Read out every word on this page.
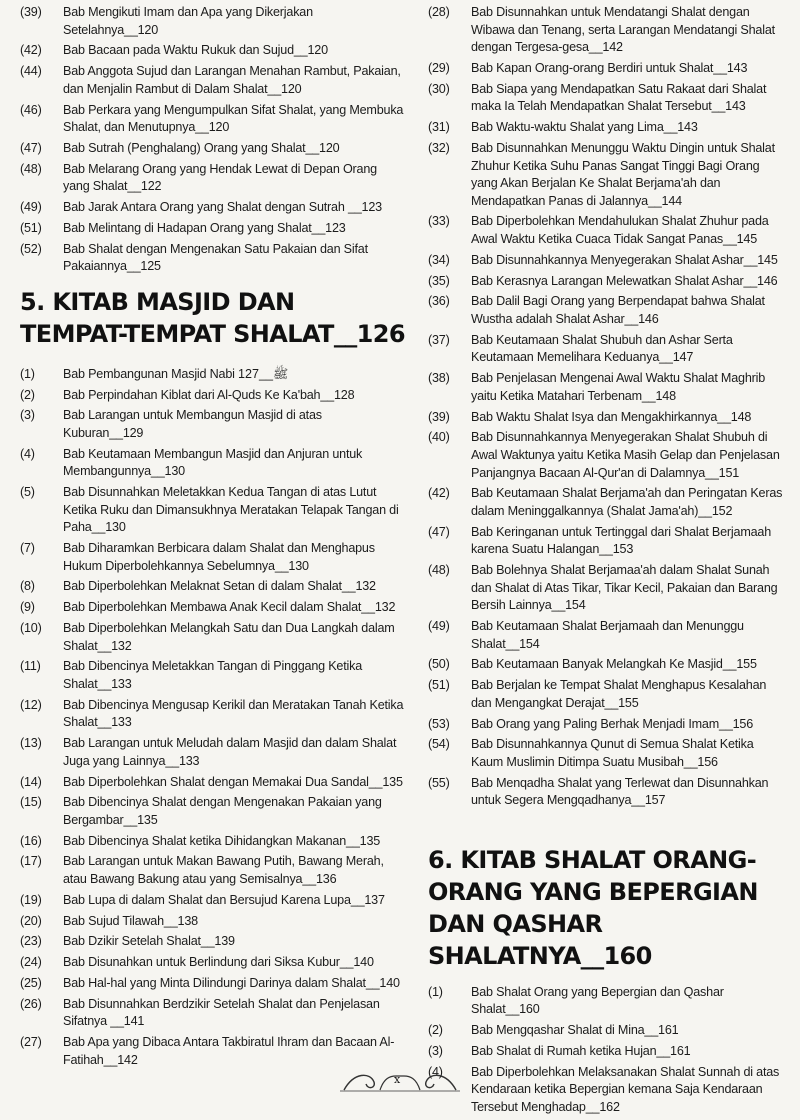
(39)	Bab Mengikuti Imam dan Apa yang Dikerjakan Setelahnya__120
(42)	Bab Bacaan pada Waktu Rukuk dan Sujud__120
(44)	Bab Anggota Sujud dan Larangan Menahan Rambut, Pakaian, dan Menjalin Rambut di Dalam Shalat__120
(46)	Bab Perkara yang Mengumpulkan Sifat Shalat, yang Membuka Shalat, dan Menutupnya__120
(47)	Bab Sutrah (Penghalang) Orang yang Shalat__120
(48)	Bab Melarang Orang yang Hendak Lewat di Depan Orang yang Shalat__122
(49)	Bab Jarak Antara Orang yang Shalat dengan Sutrah __123
(51)	Bab Melintang di Hadapan Orang yang Shalat__123
(52)	Bab Shalat dengan Mengenakan Satu Pakaian dan Sifat Pakaiannya__125
5. KITAB MASJID DAN TEMPAT-TEMPAT SHALAT__126
(1)	Bab Pembangunan Masjid Nabi ﷺ__127
(2)	Bab Perpindahan Kiblat dari Al-Quds Ke Ka'bah__128
(3)	Bab Larangan untuk Membangun Masjid di atas Kuburan__129
(4)	Bab Keutamaan Membangun Masjid dan Anjuran untuk Membangunnya__130
(5)	Bab Disunnahkan Meletakkan Kedua Tangan di atas Lutut Ketika Ruku dan Dimansukhnya Meratakan Telapak Tangan di Paha__130
(7)	Bab Diharamkan Berbicara dalam Shalat dan Menghapus Hukum Diperbolehkannya Sebelumnya__130
(8)	Bab Diperbolehkan Melaknat Setan di dalam Shalat__132
(9)	Bab Diperbolehkan Membawa Anak Kecil dalam Shalat__132
(10)	Bab Diperbolehkan Melangkah Satu dan Dua Langkah dalam Shalat__132
(11)	Bab Dibencinya Meletakkan Tangan di Pinggang Ketika Shalat__133
(12)	Bab Dibencinya Mengusap Kerikil dan Meratakan Tanah Ketika Shalat__133
(13)	Bab Larangan untuk Meludah dalam Masjid dan dalam Shalat Juga yang Lainnya__133
(14)	Bab Diperbolehkan Shalat dengan Memakai Dua Sandal__135
(15)	Bab Dibencinya Shalat dengan Mengenakan Pakaian yang Bergambar__135
(16)	Bab Dibencinya Shalat ketika Dihidangkan Makanan__135
(17)	Bab Larangan untuk Makan Bawang Putih, Bawang Merah, atau Bawang Bakung atau yang Semisalnya__136
(19)	Bab Lupa di dalam Shalat dan Bersujud Karena Lupa__137
(20)	Bab Sujud Tilawah__138
(23)	Bab Dzikir Setelah Shalat__139
(24)	Bab Disunahkan untuk Berlindung dari Siksa Kubur__140
(25)	Bab Hal-hal yang Minta Dilindungi Darinya dalam Shalat__140
(26)	Bab Disunnahkan Berdzikir Setelah Shalat dan Penjelasan Sifatnya __141
(27)	Bab Apa yang Dibaca Antara Takbiratul Ihram dan Bacaan Al-Fatihah__142
(28)	Bab Disunnahkan untuk Mendatangi Shalat dengan Wibawa dan Tenang, serta Larangan Mendatangi Shalat dengan Tergesa-gesa__142
(29)	Bab Kapan Orang-orang Berdiri untuk Shalat__143
(30)	Bab Siapa yang Mendapatkan Satu Rakaat dari Shalat maka Ia Telah Mendapatkan Shalat Tersebut__143
(31)	Bab Waktu-waktu Shalat yang Lima__143
(32)	Bab Disunnahkan Menunggu Waktu Dingin untuk Shalat Zhuhur Ketika Suhu Panas Sangat Tinggi Bagi Orang yang Akan Berjalan Ke Shalat Berjama'ah dan Mendapatkan Panas di Jalannya__144
(33)	Bab Diperbolehkan Mendahulukan Shalat Zhuhur pada Awal Waktu Ketika Cuaca Tidak Sangat Panas__145
(34)	Bab Disunnahkannya Menyegerakan Shalat Ashar__145
(35)	Bab Kerasnya Larangan Melewatkan Shalat Ashar__146
(36)	Bab Dalil Bagi Orang yang Berpendapat bahwa Shalat Wustha adalah Shalat Ashar__146
(37)	Bab Keutamaan Shalat Shubuh dan Ashar Serta Keutamaan Memelihara Keduanya__147
(38)	Bab Penjelasan Mengenai Awal Waktu Shalat Maghrib yaitu Ketika Matahari Terbenam__148
(39)	Bab Waktu Shalat Isya dan Mengakhirkannya__148
(40)	Bab Disunnahkannya Menyegerakan Shalat Shubuh di Awal Waktunya yaitu Ketika Masih Gelap dan Penjelasan Panjangnya Bacaan Al-Qur'an di Dalamnya__151
(42)	Bab Keutamaan Shalat Berjama'ah dan Peringatan Keras dalam Meninggalkannya (Shalat Jama'ah)__152
(47)	Bab Keringanan untuk Tertinggal dari Shalat Berjamaah karena Suatu Halangan__153
(48)	Bab Bolehnya Shalat Berjamaa'ah dalam Shalat Sunah dan Shalat di Atas Tikar, Tikar Kecil, Pakaian dan Barang Bersih Lainnya__154
(49)	Bab Keutamaan Shalat Berjamaah dan Menunggu Shalat__154
(50)	Bab Keutamaan Banyak Melangkah Ke Masjid__155
(51)	Bab Berjalan ke Tempat Shalat Menghapus Kesalahan dan Mengangkat Derajat__155
(53)	Bab Orang yang Paling Berhak Menjadi Imam__156
(54)	Bab Disunnahkannya Qunut di Semua Shalat Ketika Kaum Muslimin Ditimpa Suatu Musibah__156
(55)	Bab Menqadha Shalat yang Terlewat dan Disunnahkan untuk Segera Mengqadhanya__157
6. KITAB SHALAT ORANG-ORANG YANG BEPERGIAN DAN QASHAR SHALATNYA__160
(1)	Bab Shalat Orang yang Bepergian dan Qashar Shalat__160
(2)	Bab Mengqashar Shalat di Mina__161
(3)	Bab Shalat di Rumah ketika Hujan__161
(4)	Bab Diperbolehkan Melaksanakan Shalat Sunnah di atas Kendaraan ketika Bepergian kemana Saja Kendaraan Tersebut Menghadap__162
x
